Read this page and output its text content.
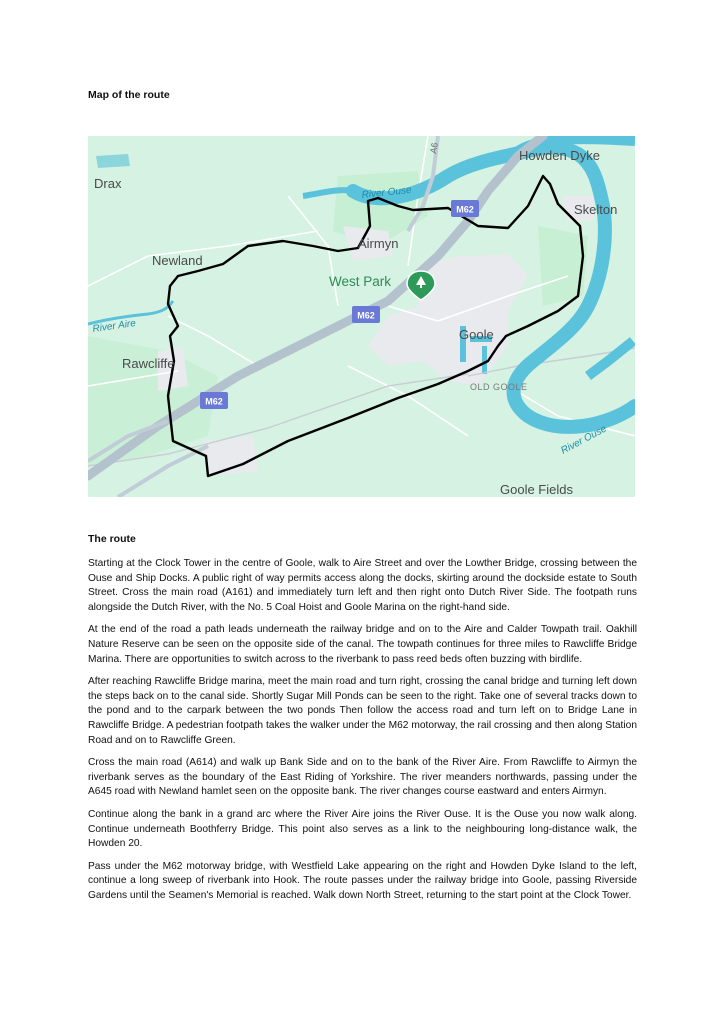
Map of the route
M62
M62
M62
Howden Dyke
Drax
River Ouse
Skelton
Airmyn
Newland
West Park
River Aire	Goole
Rawcliffe
OLD GOOLE
River Ouse
Goole Fields
A6
The route

Starting at the Clock Tower in the centre of Goole, walk to Aire Street and over the Lowther Bridge, crossing between the Ouse and Ship Docks. A public right of way permits access along the docks, skirting around the dockside estate to South Street. Cross the main road (A161) and immediately turn left and then right onto Dutch River Side. The footpath runs alongside the Dutch River, with the No. 5 Coal Hoist and Goole Marina on the right-hand side.

At the end of the road a path leads underneath the railway bridge and on to the Aire and Calder Towpath trail. Oakhill Nature Reserve can be seen on the opposite side of the canal. The towpath continues for three miles to Rawcliffe Bridge Marina. There are opportunities to switch across to the riverbank to pass reed beds often buzzing with birdlife.

After reaching Rawcliffe Bridge marina, meet the main road and turn right, crossing the canal bridge and turning left down the steps back on to the canal side. Shortly Sugar Mill Ponds can be seen to the right. Take one of several tracks down to the pond and to the carpark between the two ponds Then follow the access road and turn left on to Bridge Lane in Rawcliffe Bridge. A pedestrian footpath takes the walker under the M62 motorway, the rail crossing and then along Station Road and on to Rawcliffe Green.

Cross the main road (A614) and walk up Bank Side and on to the bank of the River Aire. From Rawcliffe to Airmyn the riverbank serves as the boundary of the East Riding of Yorkshire. The river meanders northwards, passing under the A645 road with Newland hamlet seen on the opposite bank. The river changes course eastward and enters Airmyn.

Continue along the bank in a grand arc where the River Aire joins the River Ouse. It is the Ouse you now walk along. Continue underneath Boothferry Bridge. This point also serves as a link to the neighbouring long-distance walk, the Howden 20.

Pass under the M62 motorway bridge, with Westfield Lake appearing on the right and Howden Dyke Island to the left, continue a long sweep of riverbank into Hook. The route passes under the railway bridge into Goole, passing Riverside Gardens until the Seamen's Memorial is reached. Walk down North Street, returning to the start point at the Clock Tower.
